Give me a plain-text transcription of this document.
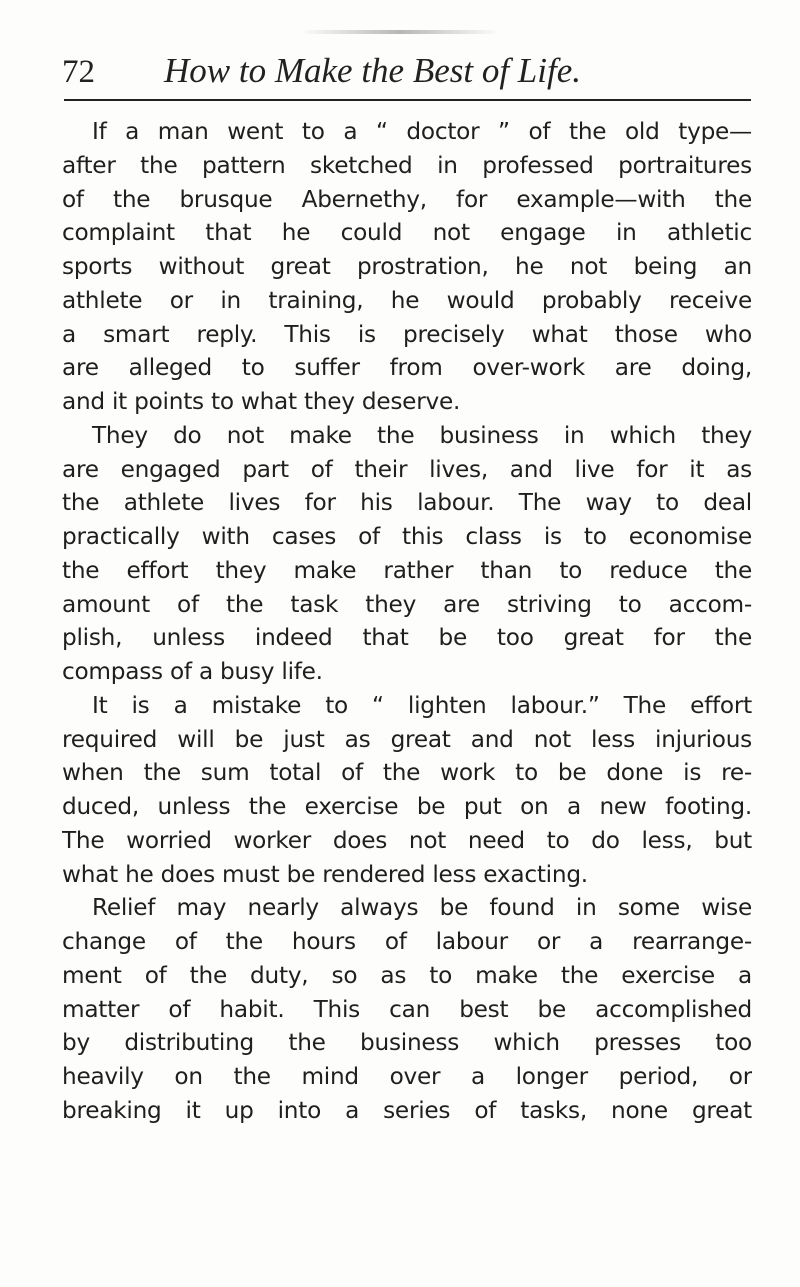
72 How to Make the Best of Life.
If a man went to a “ doctor ” of the old type—
after the pattern sketched in professed portraitures
of the brusque Abernethy, for example—with the
complaint that he could not engage in athletic
sports without great prostration, he not being an
athlete or in training, he would probably receive
a smart reply. This is precisely what those who
are alleged to suffer from over-work are doing,
and it points to what they deserve.
They do not make the business in which they
are engaged part of their lives, and live for it as
the athlete lives for his labour. The way to deal
practically with cases of this class is to economise
the effort they make rather than to reduce the
amount of the task they are striving to accom-
plish, unless indeed that be too great for the
compass of a busy life.
It is a mistake to “ lighten labour.” The effort
required will be just as great and not less injurious
when the sum total of the work to be done is re-
duced, unless the exercise be put on a new footing.
The worried worker does not need to do less, but
what he does must be rendered less exacting.
Relief may nearly always be found in some wise
change of the hours of labour or a rearrange-
ment of the duty, so as to make the exercise a
matter of habit. This can best be accomplished
by distributing the business which presses too
heavily on the mind over a longer period, or
breaking it up into a series of tasks, none great
